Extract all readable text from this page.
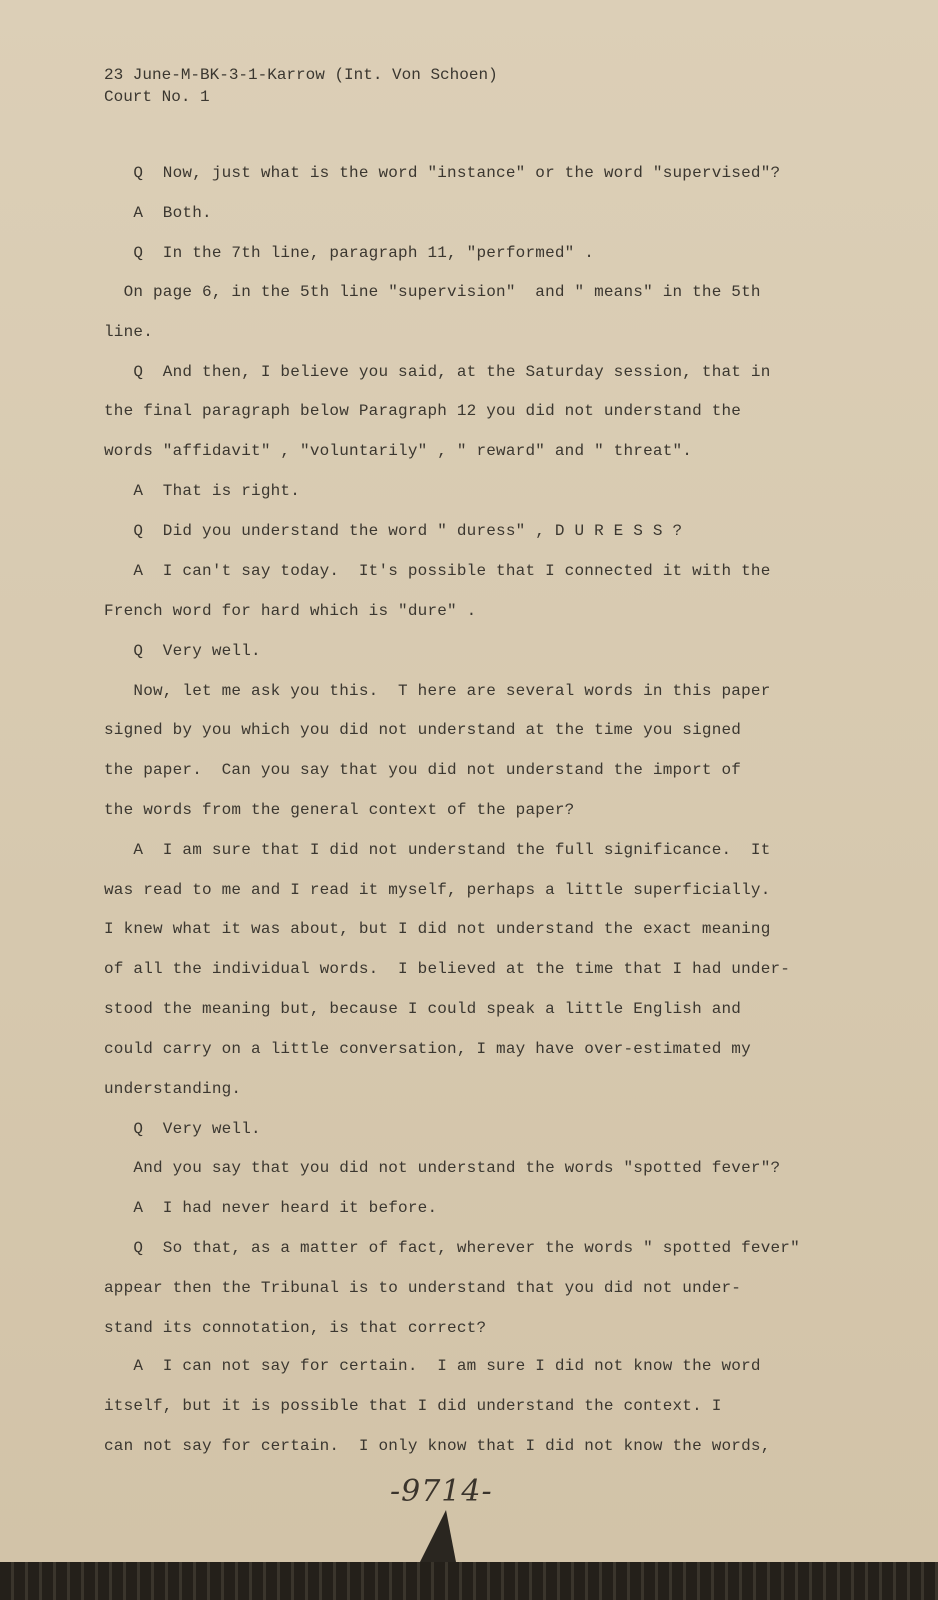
23 June-M-BK-3-1-Karrow (Int. Von Schoen)
Court No. 1
Q  Now, just what is the word "instance" or the word "supervised"?
A  Both.
Q  In the 7th line, paragraph 11, "performed" .
On page 6, in the 5th line "supervision"  and " means" in the 5th
line.
Q  And then, I believe you said, at the Saturday session, that in
the final paragraph below Paragraph 12 you did not understand the
words "affidavit" , "voluntarily" , " reward" and " threat".
A  That is right.
Q  Did you understand the word " duress" , D U R E S S ?
A  I can't say today.  It's possible that I connected it with the
French word for hard which is "dure" .
Q  Very well.
Now, let me ask you this.  T here are several words in this paper
signed by you which you did not understand at the time you signed
the paper.  Can you say that you did not understand the import of
the words from the general context of the paper?
A  I am sure that I did not understand the full significance.  It
was read to me and I read it myself, perhaps a little superficially.
I knew what it was about, but I did not understand the exact meaning
of all the individual words.  I believed at the time that I had under-
stood the meaning but, because I could speak a little English and
could carry on a little conversation, I may have over-estimated my
understanding.
Q  Very well.
And you say that you did not understand the words "spotted fever"?
A  I had never heard it before.
Q  So that, as a matter of fact, wherever the words " spotted fever"
appear then the Tribunal is to understand that you did not under-
stand its connotation, is that correct?
A  I can not say for certain.  I am sure I did not know the word
itself, but it is possible that I did understand the context. I
can not say for certain.  I only know that I did not know the words,
-9714-
